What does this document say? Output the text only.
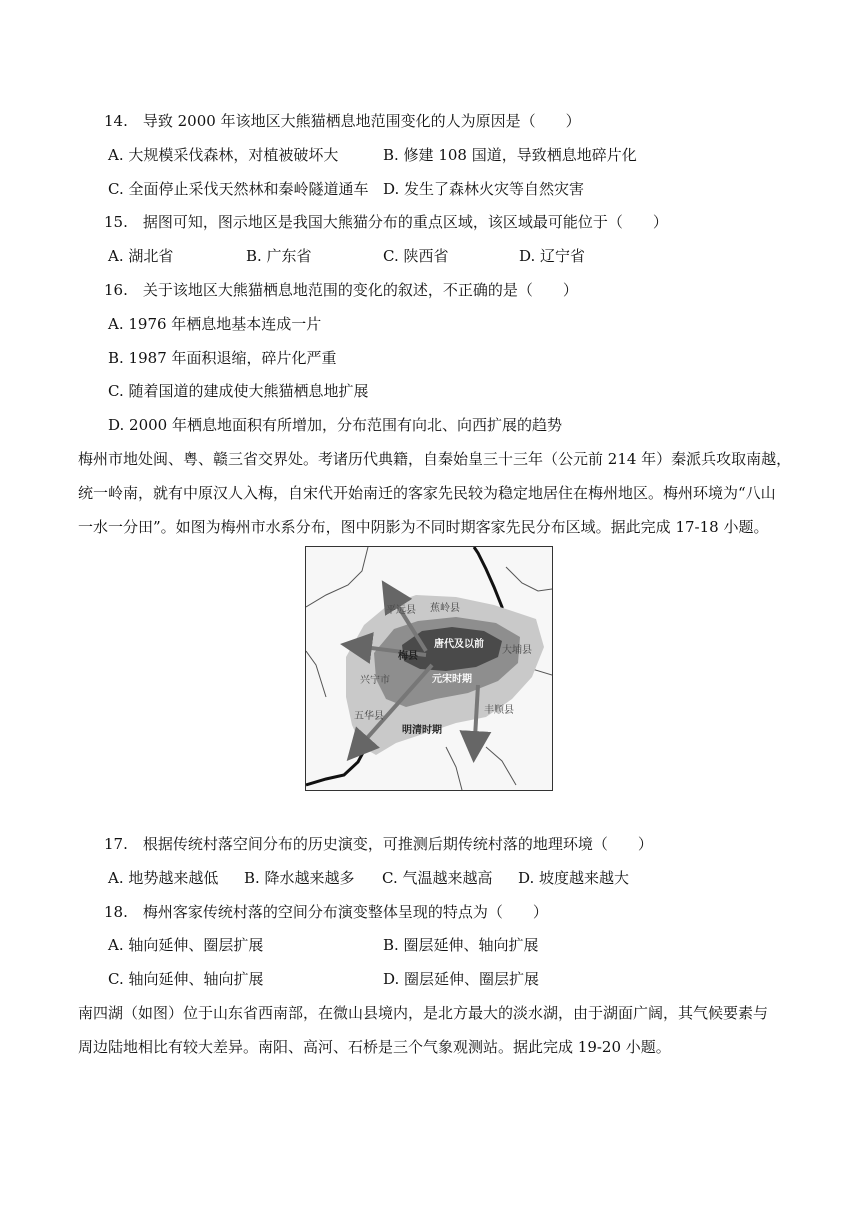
14.　导致 2000 年该地区大熊猫栖息地范围变化的人为原因是（　　）
A. 大规模采伐森林，对植被破坏大	B. 修建 108 国道，导致栖息地碎片化
C. 全面停止采伐天然林和秦岭隧道通车 D. 发生了森林火灾等自然灾害
15.　据图可知，图示地区是我国大熊猫分布的重点区域，该区域最可能位于（　　）
A. 湖北省	B. 广东省	C. 陕西省	D. 辽宁省
16.　关于该地区大熊猫栖息地范围的变化的叙述，不正确的是（　　）
A. 1976 年栖息地基本连成一片
B. 1987 年面积退缩，碎片化严重
C. 随着国道的建成使大熊猫栖息地扩展
D. 2000 年栖息地面积有所增加，分布范围有向北、向西扩展的趋势
梅州市地处闽、粤、赣三省交界处。考诸历代典籍，自秦始皇三十三年（公元前 214 年）秦派兵攻取南越，
统一岭南，就有中原汉人入梅，自宋代开始南迁的客家先民较为稳定地居住在梅州地区。梅州环境为“八山
一水一分田”。如图为梅州市水系分布，图中阴影为不同时期客家先民分布区域。据此完成 17-18 小题。
平远县 蕉岭县
大埔县
梅县
兴宁市
五华县
丰顺县
唐代及以前
元宋时期
明清时期
17.　根据传统村落空间分布的历史演变，可推测后期传统村落的地理环境（　　）
A. 地势越来越低 B. 降水越来越多 C. 气温越来越高 D. 坡度越来越大
18.　梅州客家传统村落的空间分布演变整体呈现的特点为（　　）
A. 轴向延伸、圈层扩展	B. 圈层延伸、轴向扩展
C. 轴向延伸、轴向扩展	D. 圈层延伸、圈层扩展
南四湖（如图）位于山东省西南部，在微山县境内，是北方最大的淡水湖，由于湖面广阔，其气候要素与
周边陆地相比有较大差异。南阳、高河、石桥是三个气象观测站。据此完成 19-20 小题。
